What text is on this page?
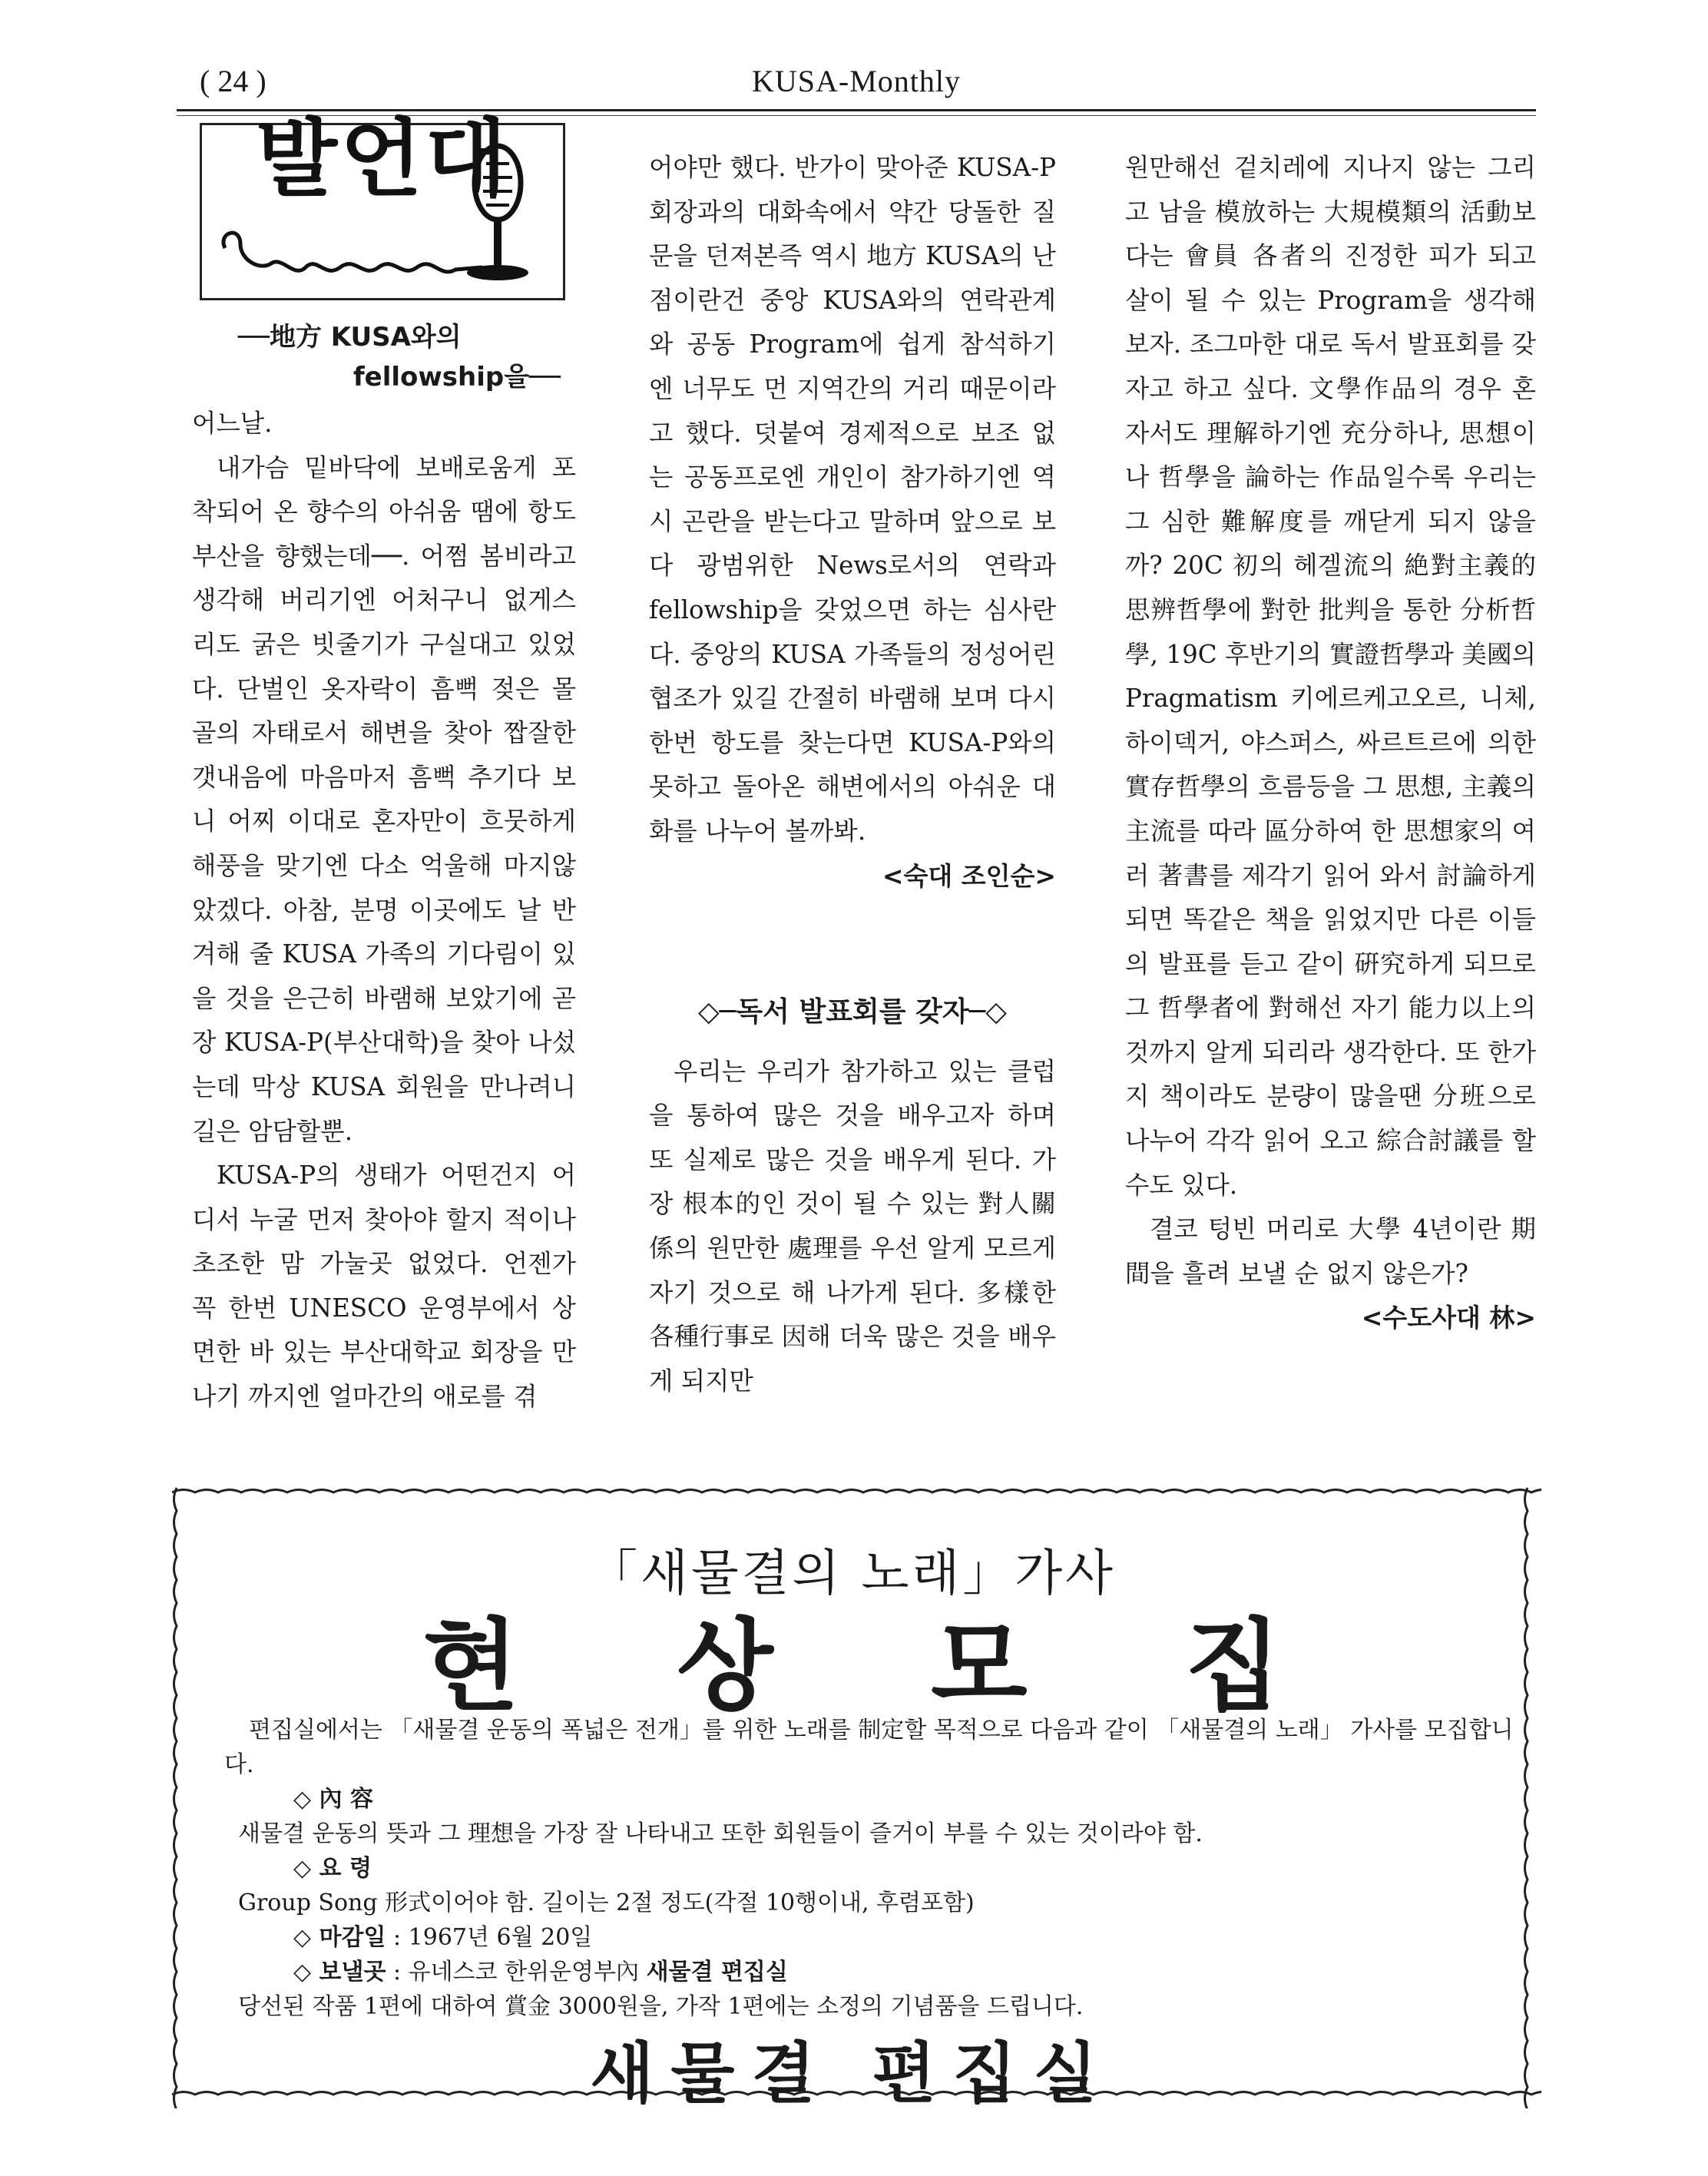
( 24 )	KUSA-Monthly
발언대

──地方 KUSA와의

fellowship을──

어느날.

내가슴 밑바닥에 보배로움게 포착되어 온 향수의 아쉬움 땜에 항도 부산을 향했는데──. 어쩜 봄비라고 생각해 버리기엔 어처구니 없게스리도 굵은 빗줄기가 구실대고 있었다. 단벌인 옷자락이 흠뻑 젖은 몰골의 자태로서 해변을 찾아 짭잘한 갯내음에 마음마저 흠뻑 추기다 보니 어찌 이대로 혼자만이 흐뭇하게 해풍을 맞기엔 다소 억울해 마지않았겠다. 아참, 분명 이곳에도 날 반겨해 줄 KUSA 가족의 기다림이 있을 것을 은근히 바램해 보았기에 곧장 KUSA-P(부산대학)을 찾아 나섰는데 막상 KUSA 회원을 만나려니 길은 암담할뿐.

KUSA-P의 생태가 어떤건지 어디서 누굴 먼저 찾아야 할지 적이나 초조한 맘 가눌곳 없었다. 언젠가 꼭 한번 UNESCO 운영부에서 상면한 바 있는 부산대학교 회장을 만나기 까지엔 얼마간의 애로를 겪

어야만 했다. 반가이 맞아준 KUSA-P 회장과의 대화속에서 약간 당돌한 질문을 던져본즉 역시 地方 KUSA의 난점이란건 중앙 KUSA와의 연락관계와 공동 Program에 쉽게 참석하기엔 너무도 먼 지역간의 거리 때문이라고 했다. 덧붙여 경제적으로 보조 없는 공동프로엔 개인이 참가하기엔 역시 곤란을 받는다고 말하며 앞으로 보다 광범위한 News로서의 연락과 fellowship을 갖었으면 하는 심사란다. 중앙의 KUSA 가족들의 정성어린 협조가 있길 간절히 바램해 보며 다시 한번 항도를 찾는다면 KUSA-P와의 못하고 돌아온 해변에서의 아쉬운 대화를 나누어 볼까봐.

<숙대 조인순>

◇─독서 발표회를 갖자─◇

우리는 우리가 참가하고 있는 클럽을 통하여 많은 것을 배우고자 하며 또 실제로 많은 것을 배우게 된다. 가장 根本的인 것이 될 수 있는 對人關係의 원만한 處理를 우선 알게 모르게 자기 것으로 해 나가게 된다. 多樣한 各種行事로 因해 더욱 많은 것을 배우게 되지만

원만해선 겉치레에 지나지 않는 그리고 남을 模放하는 大規模類의 活動보다는 會員 各者의 진정한 피가 되고 살이 될 수 있는 Program을 생각해 보자. 조그마한 대로 독서 발표회를 갖자고 하고 싶다. 文學作品의 경우 혼자서도 理解하기엔 充分하나, 思想이나 哲學을 論하는 作品일수록 우리는 그 심한 難解度를 깨닫게 되지 않을까? 20C 初의 헤겔流의 絶對主義的 思辨哲學에 對한 批判을 통한 分析哲學, 19C 후반기의 實證哲學과 美國의 Pragmatism 키에르케고오르, 니체, 하이덱거, 야스퍼스, 싸르트르에 의한 實存哲學의 흐름등을 그 思想, 主義의 主流를 따라 區分하여 한 思想家의 여러 著書를 제각기 읽어 와서 討論하게 되면 똑같은 책을 읽었지만 다른 이들의 발표를 듣고 같이 硏究하게 되므로 그 哲學者에 對해선 자기 能力以上의 것까지 알게 되리라 생각한다. 또 한가지 책이라도 분량이 많을땐 分班으로 나누어 각각 읽어 오고 綜合討議를 할 수도 있다.

결코 텅빈 머리로 大學 4년이란 期間을 흘려 보낼 순 없지 않은가?

<수도사대 林>

「새물결의 노래」가사
현 상 모 집

편집실에서는 「새물결 운동의 폭넓은 전개」를 위한 노래를 制定할 목적으로 다음과 같이 「새물결의 노래」 가사를 모집합니다.

◇ 內 容

새물결 운동의 뜻과 그 理想을 가장 잘 나타내고 또한 회원들이 즐거이 부를 수 있는 것이라야 함.

◇ 요 령

Group Song 形式이어야 함. 길이는 2절 정도(각절 10행이내, 후렴포함)

◇ 마감일 : 1967년 6월 20일

◇ 보낼곳 : 유네스코 한위운영부內 새물결 편집실

당선된 작품 1편에 대하여 賞金 3000원을, 가작 1편에는 소정의 기념품을 드립니다.

새물결 편집실
